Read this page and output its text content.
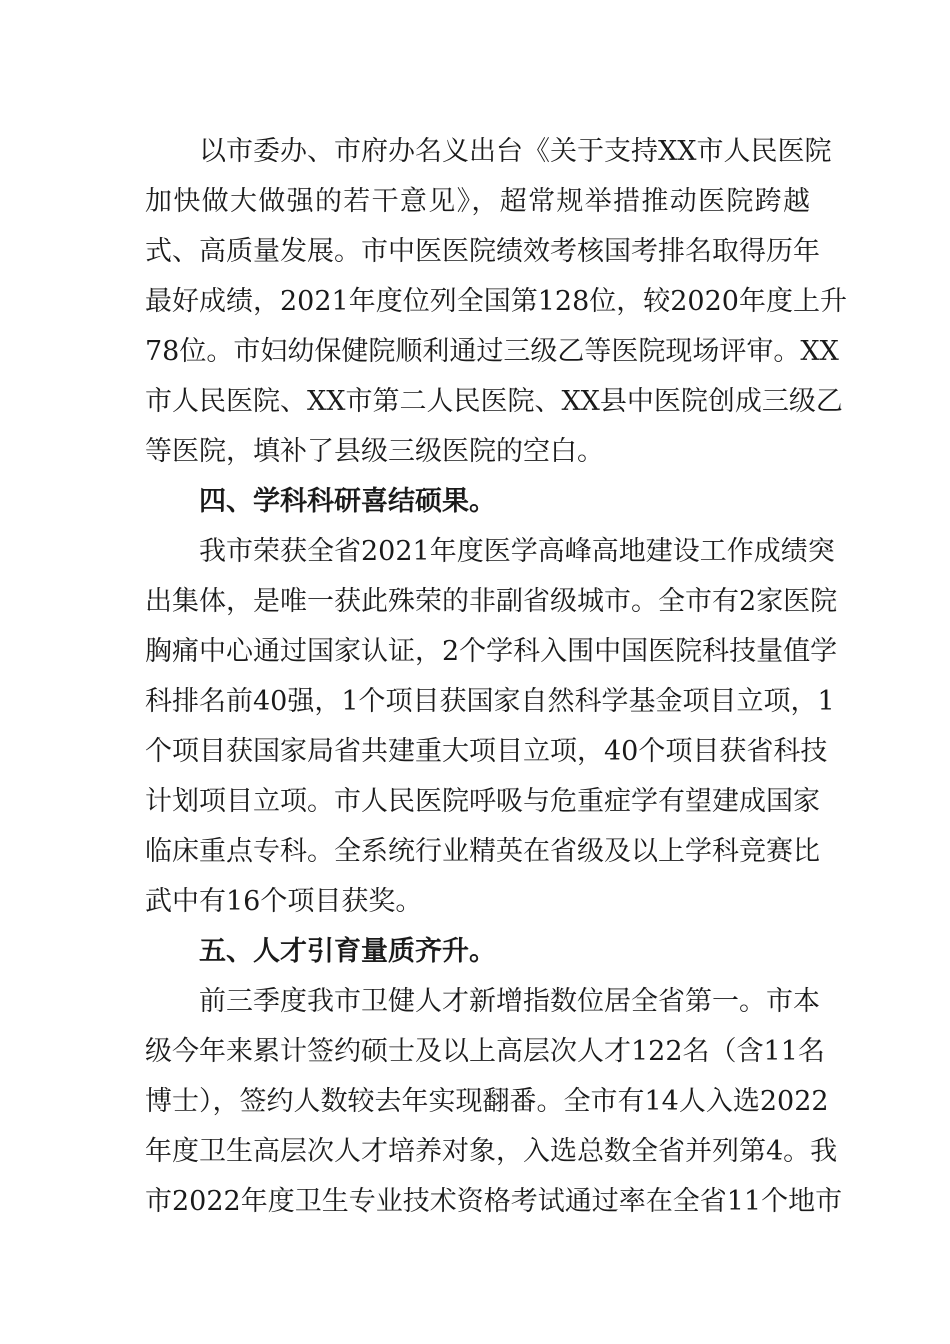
以市委办、市府办名义出台《关于支持XX市人民医院
加快做大做强的若干意见》，超常规举措推动医院跨越
式、高质量发展。市中医医院绩效考核国考排名取得历年
最好成绩，2021年度位列全国第128位，较2020年度上升
78位。市妇幼保健院顺利通过三级乙等医院现场评审。XX
市人民医院、XX市第二人民医院、XX县中医院创成三级乙
等医院，填补了县级三级医院的空白。
四、学科科研喜结硕果。
我市荣获全省2021年度医学高峰高地建设工作成绩突
出集体，是唯一获此殊荣的非副省级城市。全市有2家医院
胸痛中心通过国家认证，2个学科入围中国医院科技量值学
科排名前40强，1个项目获国家自然科学基金项目立项，1
个项目获国家局省共建重大项目立项，40个项目获省科技
计划项目立项。市人民医院呼吸与危重症学有望建成国家
临床重点专科。全系统行业精英在省级及以上学科竞赛比
武中有16个项目获奖。
五、人才引育量质齐升。
前三季度我市卫健人才新增指数位居全省第一。市本
级今年来累计签约硕士及以上高层次人才122名（含11名
博士），签约人数较去年实现翻番。全市有14人入选2022
年度卫生高层次人才培养对象，入选总数全省并列第4。我
市2022年度卫生专业技术资格考试通过率在全省11个地市
